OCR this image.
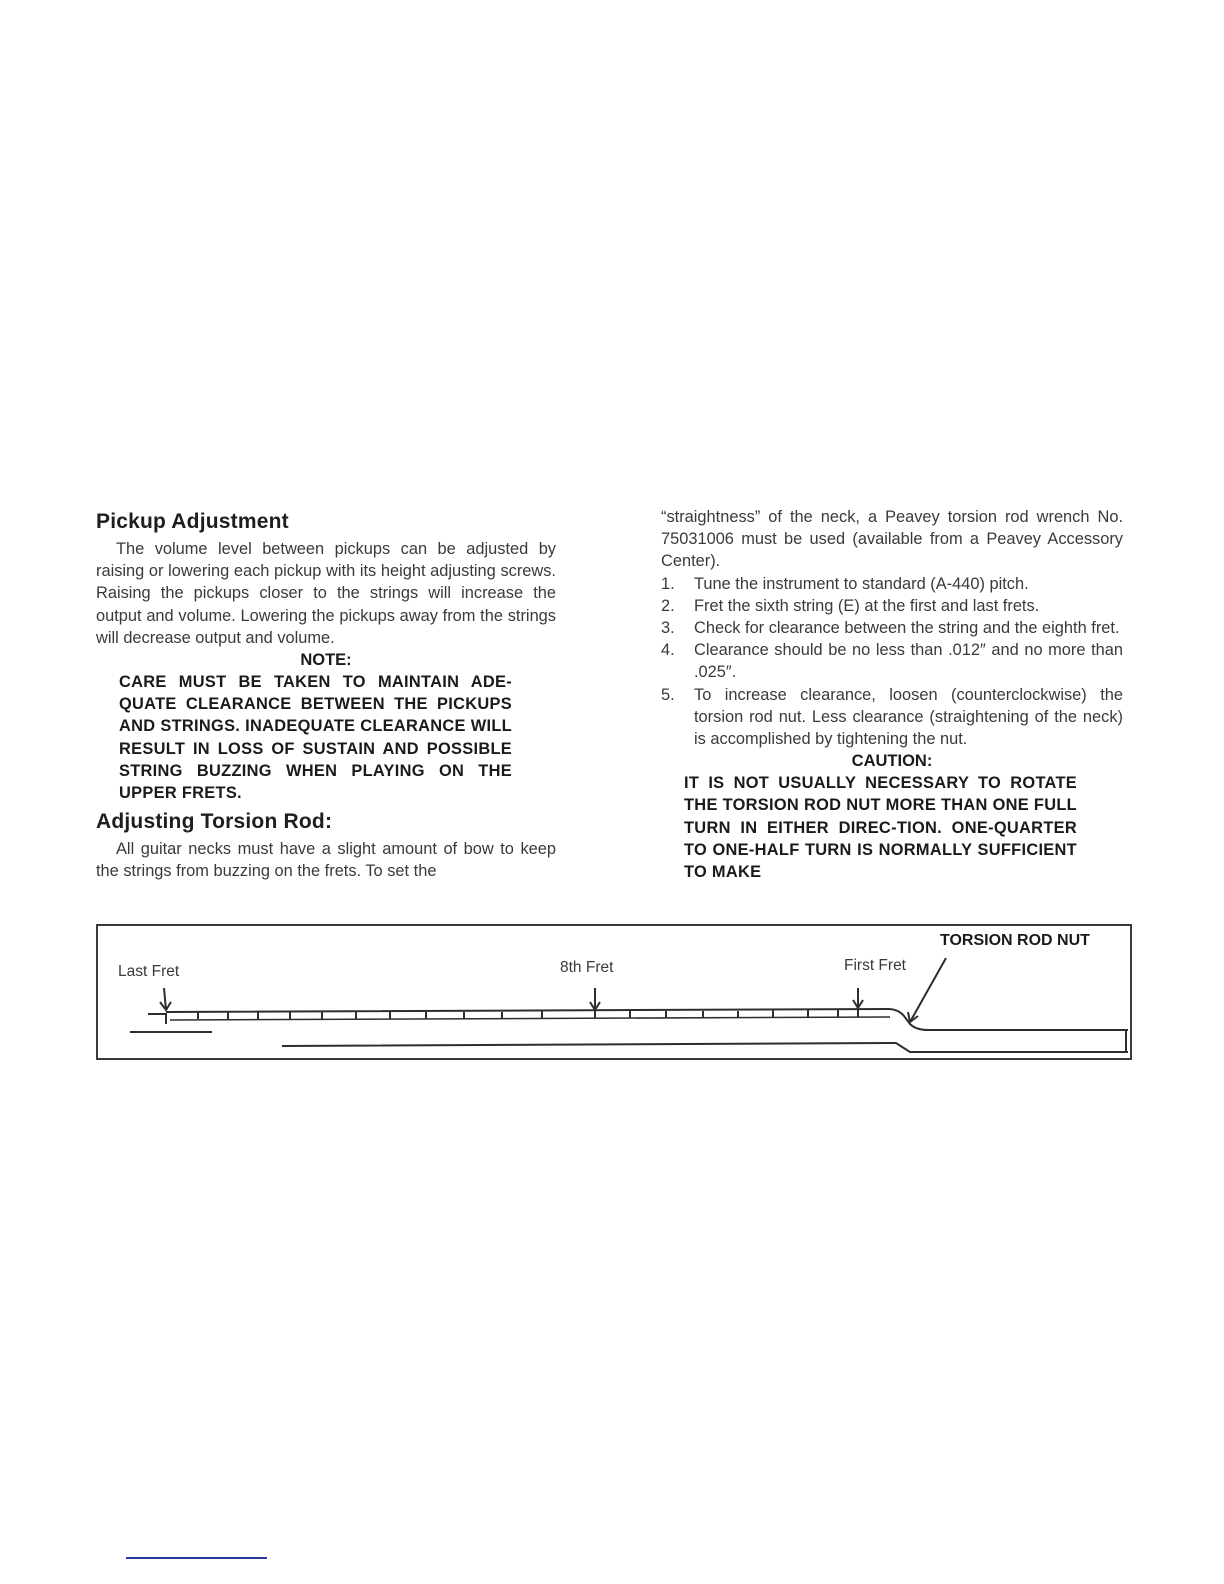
Pickup Adjustment

The volume level between pickups can be adjusted by raising or lowering each pickup with its height adjusting screws. Raising the pickups closer to the strings will increase the output and volume. Lowering the pickups away from the strings will decrease output and volume.

NOTE:
CARE MUST BE TAKEN TO MAINTAIN ADE-QUATE CLEARANCE BETWEEN THE PICKUPS AND STRINGS. INADEQUATE CLEARANCE WILL RESULT IN LOSS OF SUSTAIN AND POSSIBLE STRING BUZZING WHEN PLAYING ON THE UPPER FRETS.
Adjusting Torsion Rod:

All guitar necks must have a slight amount of bow to keep the strings from buzzing on the frets. To set the

“straightness” of the neck, a Peavey torsion rod wrench No. 75031006 must be used (available from a Peavey Accessory Center).

1. Tune the instrument to standard (A-440) pitch.
2. Fret the sixth string (E) at the first and last frets.
3. Check for clearance between the string and the eighth fret.
4. Clearance should be no less than .012″ and no more than .025″.
5. To increase clearance, loosen (counterclockwise) the torsion rod nut. Less clearance (straightening of the neck) is accomplished by tightening the nut.
CAUTION:
IT IS NOT USUALLY NECESSARY TO ROTATE THE TORSION ROD NUT MORE THAN ONE FULL TURN IN EITHER DIREC-TION. ONE-QUARTER TO ONE-HALF TURN IS NORMALLY SUFFICIENT TO MAKE
Last Fret	8th Fret	First Fret
TORSION ROD NUT
